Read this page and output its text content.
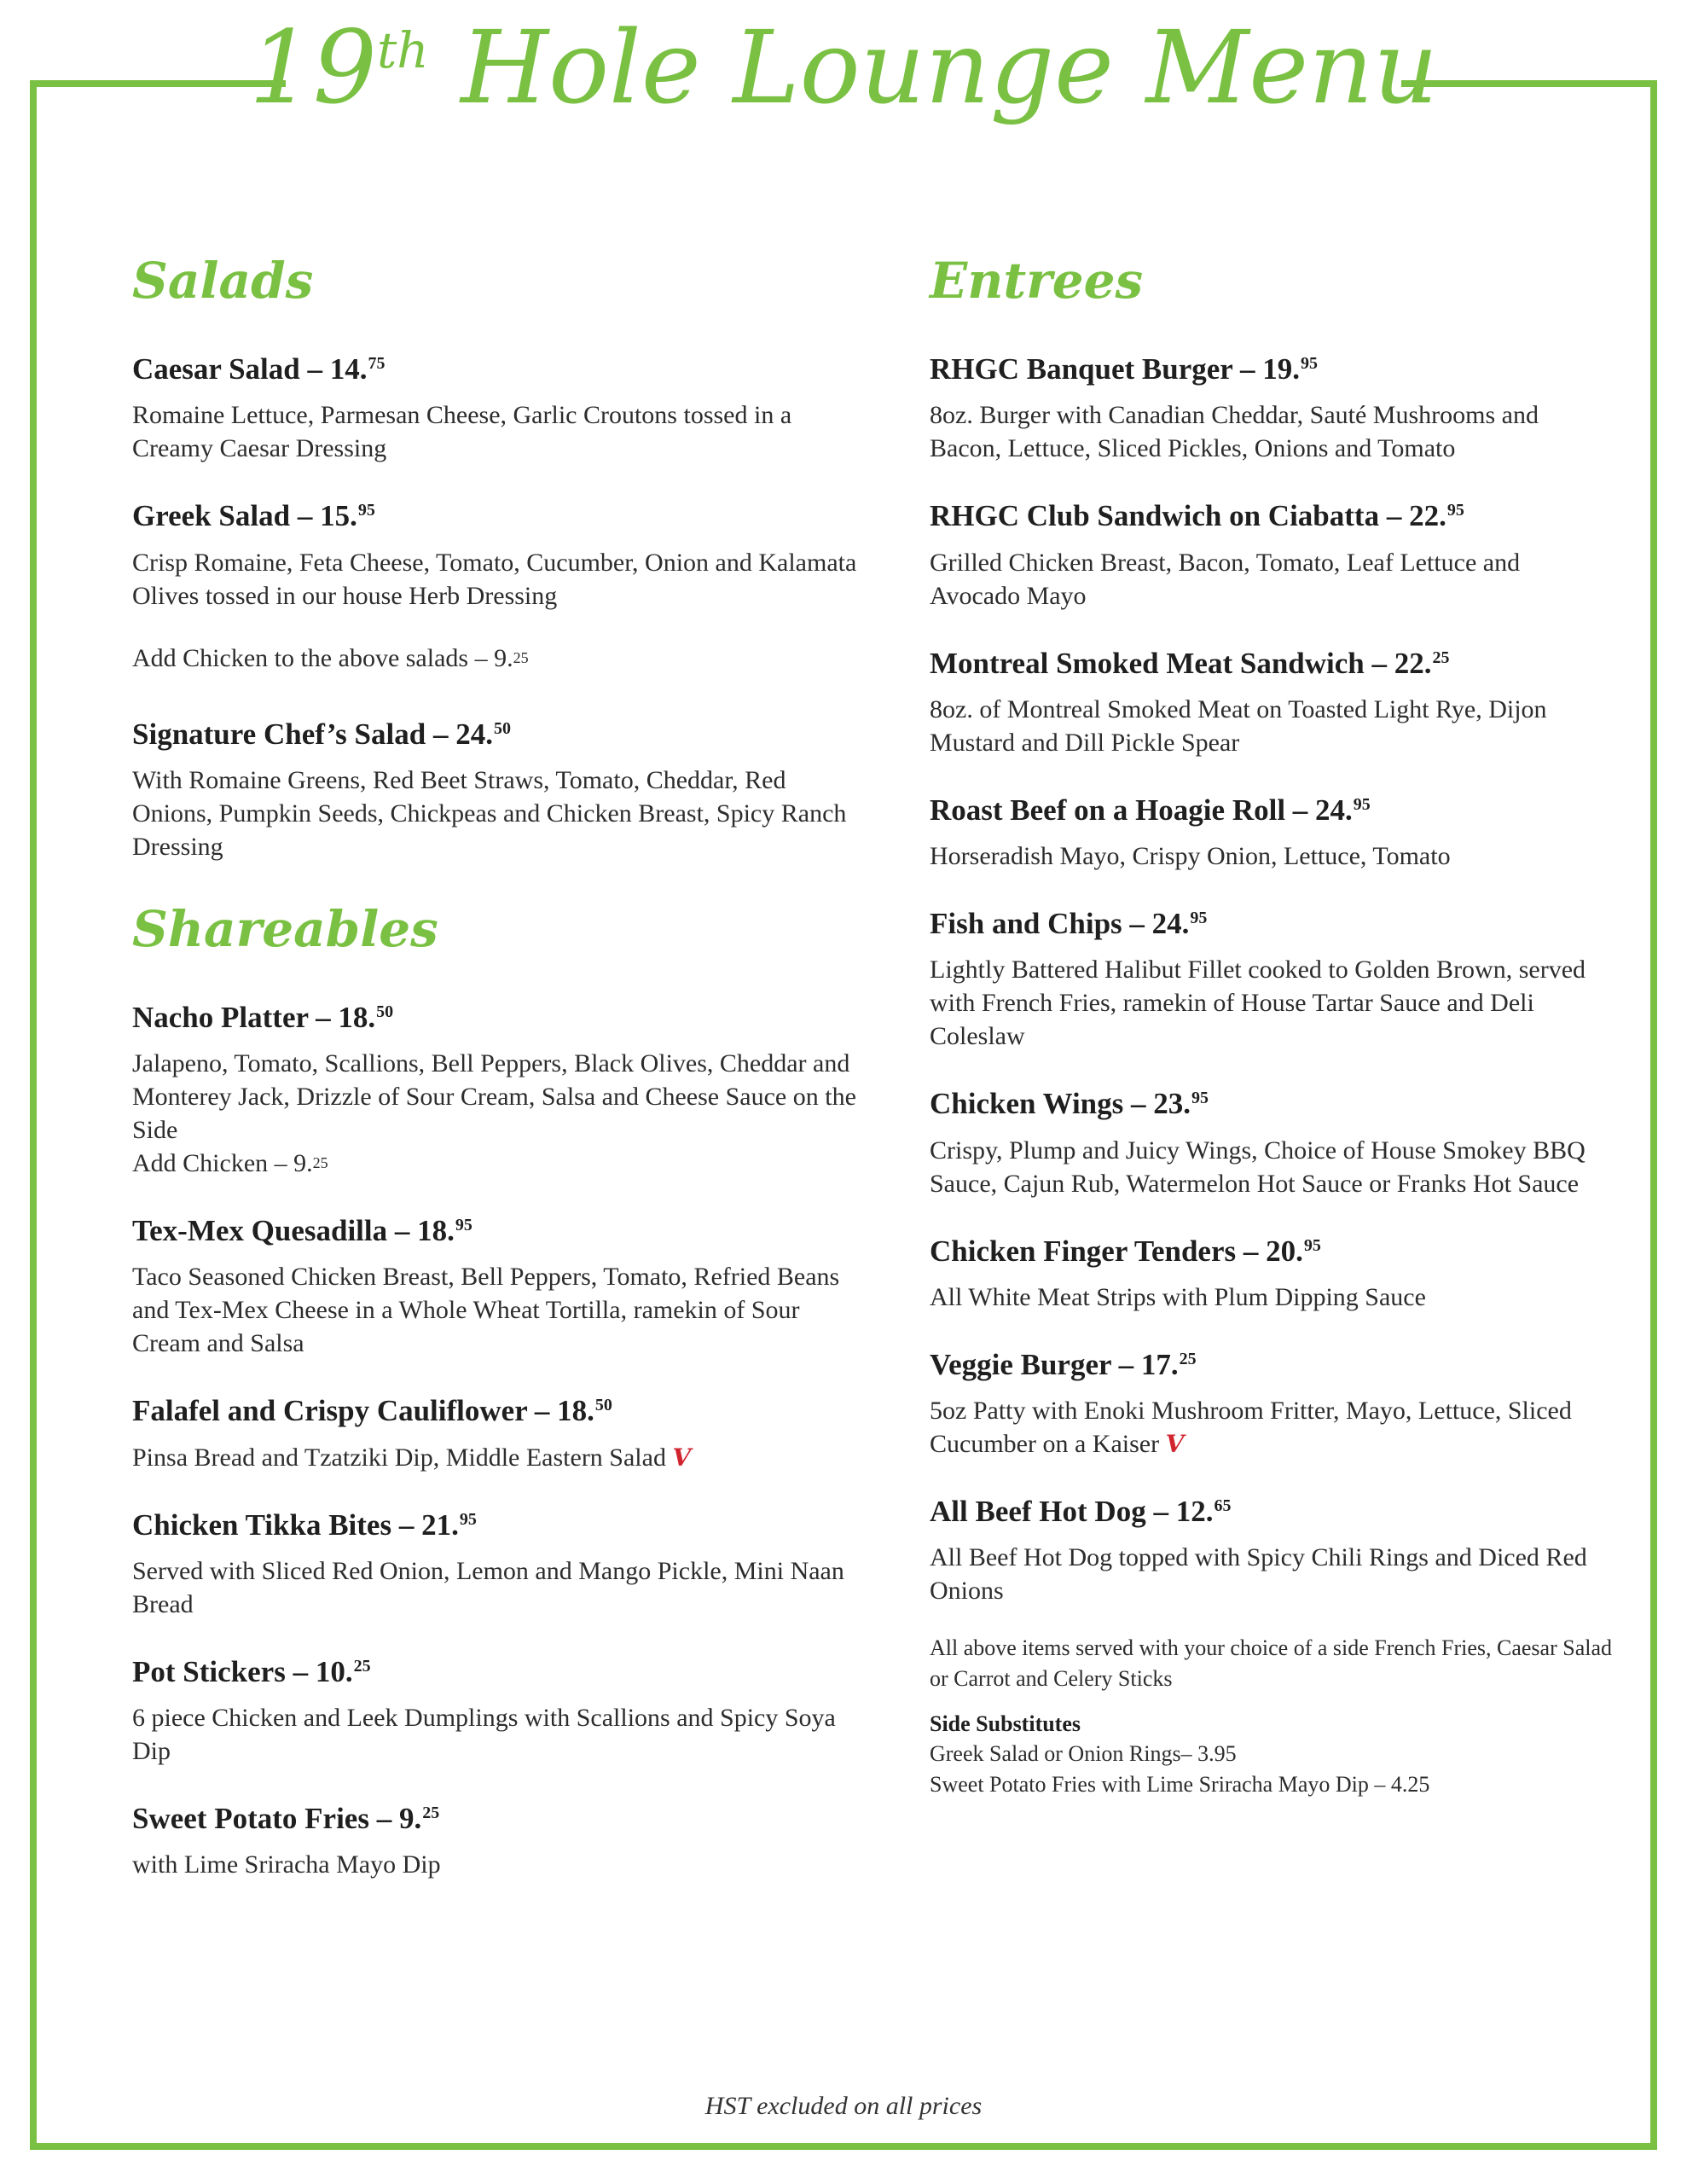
19th Hole Lounge Menu
Salads
Caesar Salad – 14.75

Romaine Lettuce, Parmesan Cheese, Garlic Croutons tossed in a Creamy Caesar Dressing

Greek Salad – 15.95

Crisp Romaine, Feta Cheese, Tomato, Cucumber, Onion and Kalamata Olives tossed in our house Herb Dressing

Add Chicken to the above salads – 9.25
Signature Chef’s Salad – 24.50

With Romaine Greens, Red Beet Straws, Tomato, Cheddar, Red Onions, Pumpkin Seeds, Chickpeas and Chicken Breast, Spicy Ranch Dressing

Shareables
Nacho Platter – 18.50

Jalapeno, Tomato, Scallions, Bell Peppers, Black Olives, Cheddar and Monterey Jack, Drizzle of Sour Cream, Salsa and Cheese Sauce on the Side

Add Chicken – 9.25
Tex-Mex Quesadilla – 18.95

Taco Seasoned Chicken Breast, Bell Peppers, Tomato, Refried Beans and Tex-Mex Cheese in a Whole Wheat Tortilla, ramekin of Sour Cream and Salsa

Falafel and Crispy Cauliflower – 18.50

Pinsa Bread and Tzatziki Dip, Middle Eastern Salad V

Chicken Tikka Bites – 21.95

Served with Sliced Red Onion, Lemon and Mango Pickle, Mini Naan Bread

Pot Stickers – 10.25

6 piece Chicken and Leek Dumplings with Scallions and Spicy Soya Dip

Sweet Potato Fries – 9.25

with Lime Sriracha Mayo Dip

Entrees
RHGC Banquet Burger – 19.95

8oz. Burger with Canadian Cheddar, Sauté Mushrooms and Bacon, Lettuce, Sliced Pickles, Onions and Tomato

RHGC Club Sandwich on Ciabatta – 22.95

Grilled Chicken Breast, Bacon, Tomato, Leaf Lettuce and Avocado Mayo

Montreal Smoked Meat Sandwich – 22.25

8oz. of Montreal Smoked Meat on Toasted Light Rye, Dijon Mustard and Dill Pickle Spear

Roast Beef on a Hoagie Roll – 24.95

Horseradish Mayo, Crispy Onion, Lettuce, Tomato

Fish and Chips – 24.95

Lightly Battered Halibut Fillet cooked to Golden Brown, served with French Fries, ramekin of House Tartar Sauce and Deli Coleslaw

Chicken Wings – 23.95

Crispy, Plump and Juicy Wings, Choice of House Smokey BBQ Sauce, Cajun Rub, Watermelon Hot Sauce or Franks Hot Sauce

Chicken Finger Tenders – 20.95

All White Meat Strips with Plum Dipping Sauce

Veggie Burger – 17.25

5oz Patty with Enoki Mushroom Fritter, Mayo, Lettuce, Sliced Cucumber on a Kaiser V

All Beef Hot Dog – 12.65

All Beef Hot Dog topped with Spicy Chili Rings and Diced Red Onions

All above items served with your choice of a side French Fries, Caesar Salad or Carrot and Celery Sticks
Side Substitutes
Greek Salad or Onion Rings– 3.95
Sweet Potato Fries with Lime Sriracha Mayo Dip – 4.25
HST excluded on all prices
